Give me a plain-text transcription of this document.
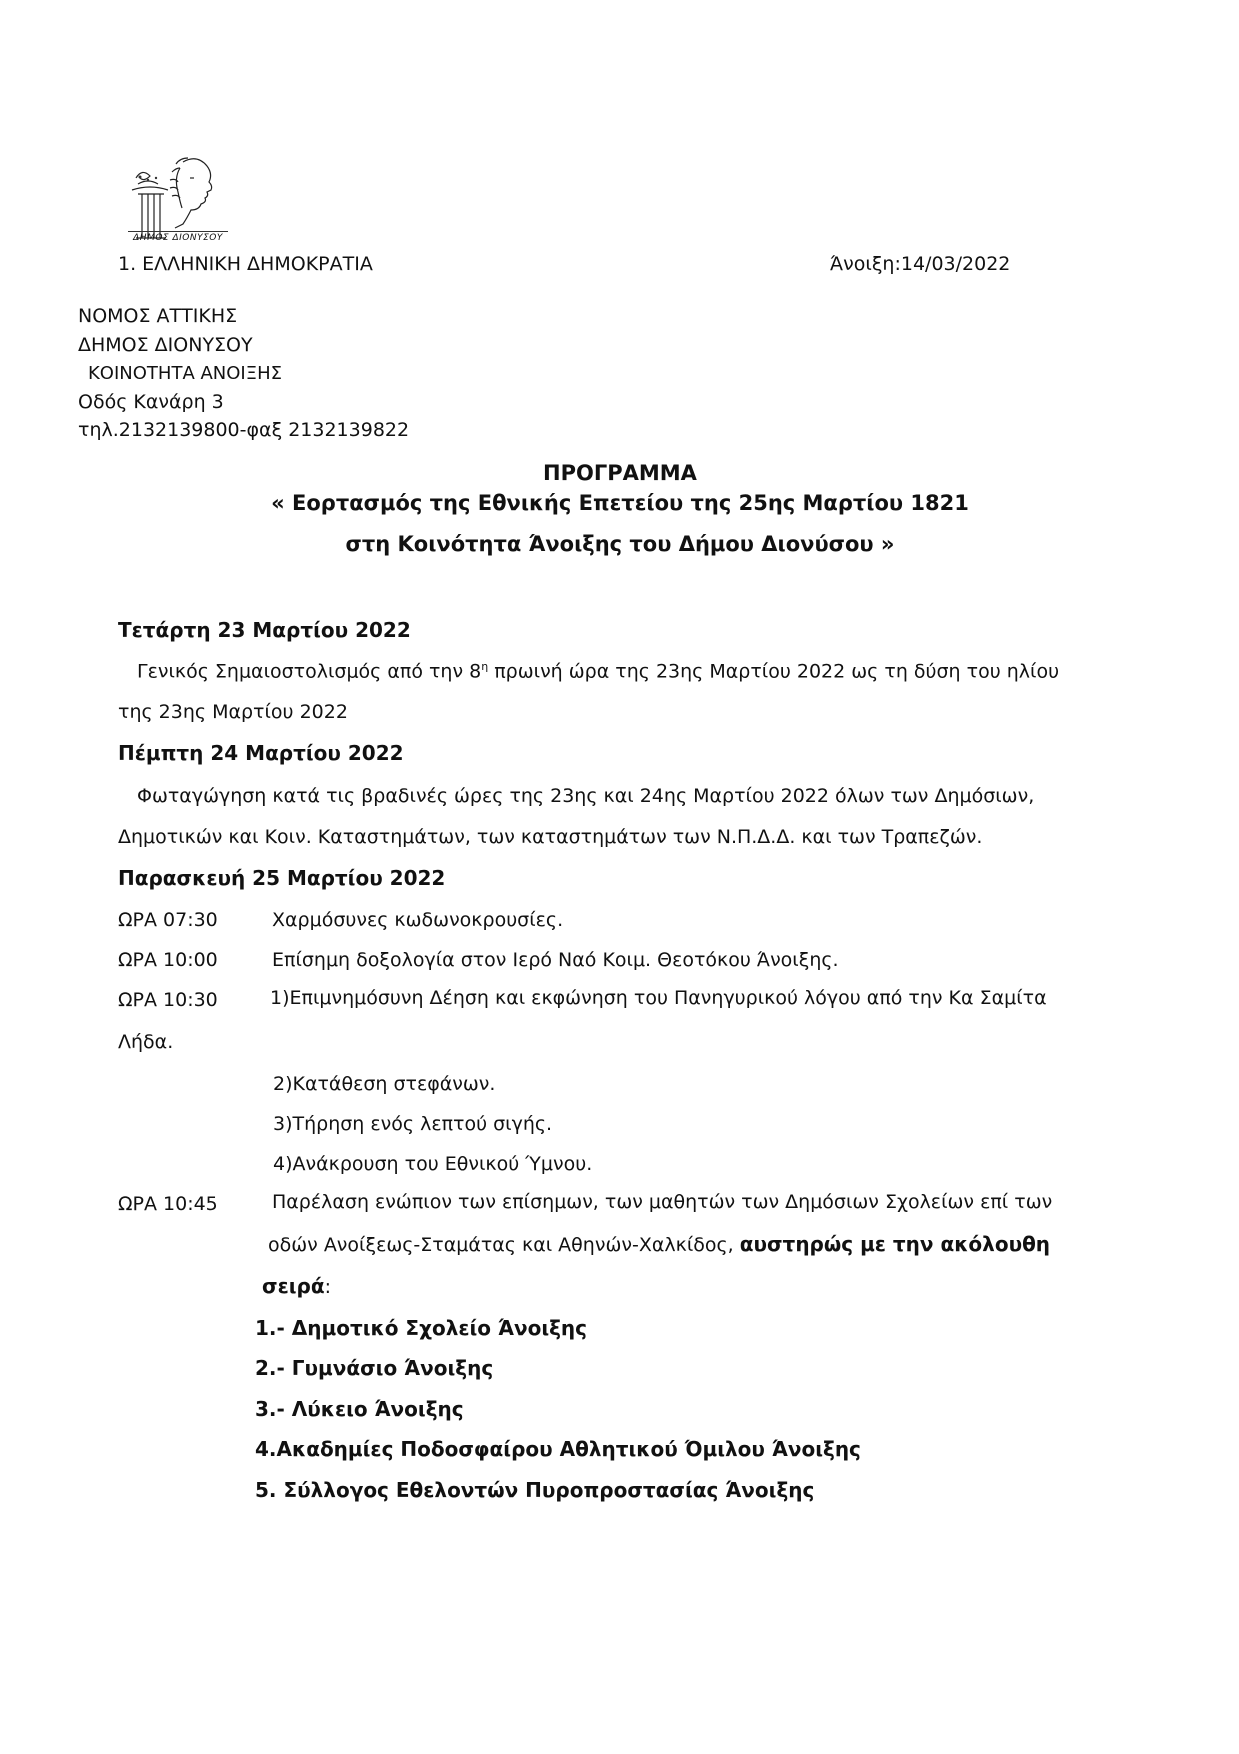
ΔΗΜΟΣ ΔΙΟΝΥΣΟΥ
1. ΕΛΛΗΝΙΚΗ ΔΗΜΟΚΡΑΤΙΑ	Άνοιξη:14/03/2022
ΝΟΜΟΣ ΑΤΤΙΚΗΣ
ΔΗΜΟΣ ΔΙΟΝΥΣΟΥ
ΚΟΙΝΟΤΗΤΑ ΑΝΟΙΞΗΣ
Οδός Κανάρη 3
τηλ.2132139800-φαξ 2132139822
ΠΡΟΓΡΑΜΜΑ
« Εορτασμός της Εθνικής Επετείου της 25ης Μαρτίου 1821
στη Κοινότητα Άνοιξης του Δήμου Διονύσου »
Τετάρτη 23 Μαρτίου 2022
Γενικός Σημαιοστολισμός από την $8^\eta$ πρωινή ώρα της 23ης Μαρτίου 2022 ως τη δύση του ηλίου
της 23ης Μαρτίου 2022
Πέμπτη 24 Μαρτίου 2022
Φωταγώγηση κατά τις βραδινές ώρες της 23ης και 24ης Μαρτίου 2022 όλων των Δημόσιων,
Δημοτικών και Κοιν. Καταστημάτων, των καταστημάτων των Ν.Π.Δ.Δ. και των Τραπεζών.
Παρασκευή 25 Μαρτίου 2022
ΩΡΑ 07:30	Χαρμόσυνες κωδωνοκρουσίες.
ΩΡΑ 10:00	Επίσημη δοξολογία στον Ιερό Ναό Κοιμ. Θεοτόκου Άνοιξης.
ΩΡΑ 10:30	1)Επιμνημόσυνη Δέηση και εκφώνηση του Πανηγυρικού λόγου από την Κα Σαμίτα
Λήδα.
2)Κατάθεση στεφάνων.
3)Τήρηση ενός λεπτού σιγής.
4)Ανάκρουση του Εθνικού Ύμνου.
ΩΡΑ 10:45	Παρέλαση ενώπιον των επίσημων, των μαθητών των Δημόσιων Σχολείων επί των
οδών Ανοίξεως-Σταμάτας και Αθηνών-Χαλκίδος, αυστηρώς με την ακόλουθη
σειρά:
1.- Δημοτικό Σχολείο Άνοιξης
2.- Γυμνάσιο Άνοιξης
3.- Λύκειο Άνοιξης
4.Ακαδημίες Ποδοσφαίρου Αθλητικού Όμιλου Άνοιξης
5. Σύλλογος Εθελοντών Πυροπροστασίας Άνοιξης
